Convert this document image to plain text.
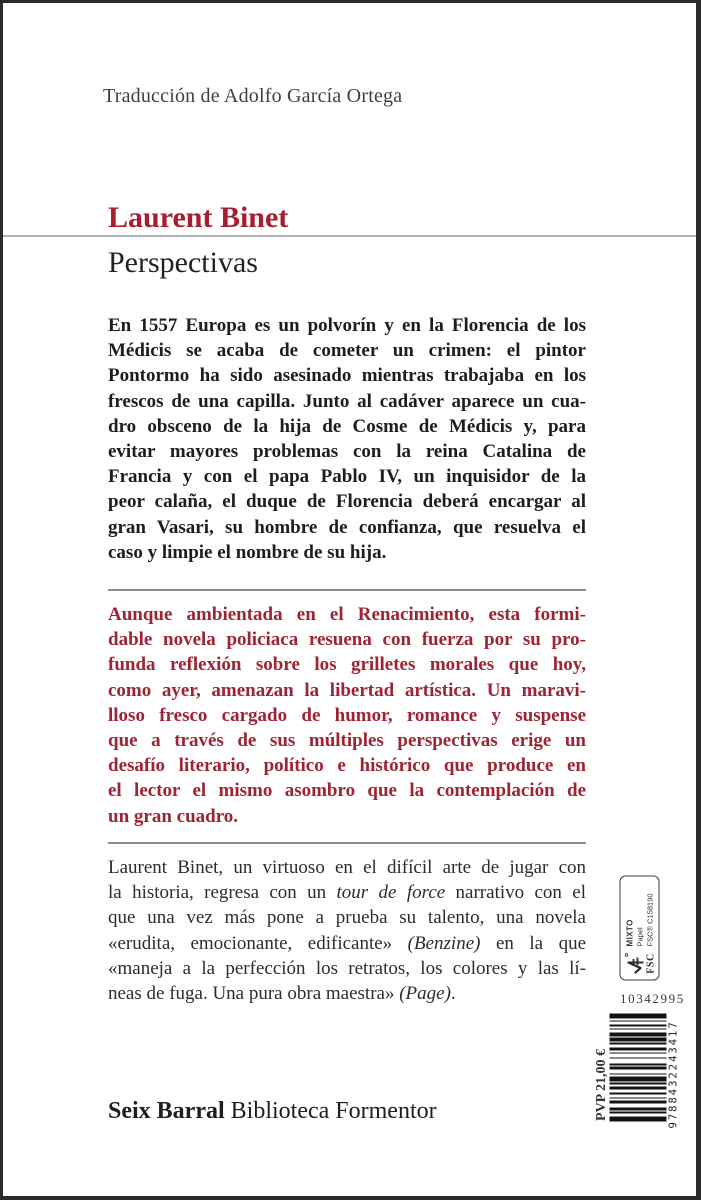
Traducción de Adolfo García Ortega
Laurent Binet
Perspectivas
En 1557 Europa es un polvorín y en la Florencia de los
Médicis se acaba de cometer un crimen: el pintor
Pontormo ha sido asesinado mientras trabajaba en los
frescos de una capilla. Junto al cadáver aparece un cua-
dro obsceno de la hija de Cosme de Médicis y, para
evitar mayores problemas con la reina Catalina de
Francia y con el papa Pablo IV, un inquisidor de la
peor calaña, el duque de Florencia deberá encargar al
gran Vasari, su hombre de confianza, que resuelva el
caso y limpie el nombre de su hija.
Aunque ambientada en el Renacimiento, esta formi-
dable novela policiaca resuena con fuerza por su pro-
funda reflexión sobre los grilletes morales que hoy,
como ayer, amenazan la libertad artística. Un maravi-
lloso fresco cargado de humor, romance y suspense
que a través de sus múltiples perspectivas erige un
desafío literario, político e histórico que produce en
el lector el mismo asombro que la contemplación de
un gran cuadro.
Laurent Binet, un virtuoso en el difícil arte de jugar con
la historia, regresa con un tour de force narrativo con el
que una vez más pone a prueba su talento, una novela
«erudita, emocionante, edificante» (Benzine) en la que
«maneja a la perfección los retratos, los colores y las lí-
neas de fuga. Una pura obra maestra» (Page).
Seix Barral Biblioteca Formentor
FSC
MIXTO Papel FSC® C158190
10342995
9788432243417
PVP 21,00 €
